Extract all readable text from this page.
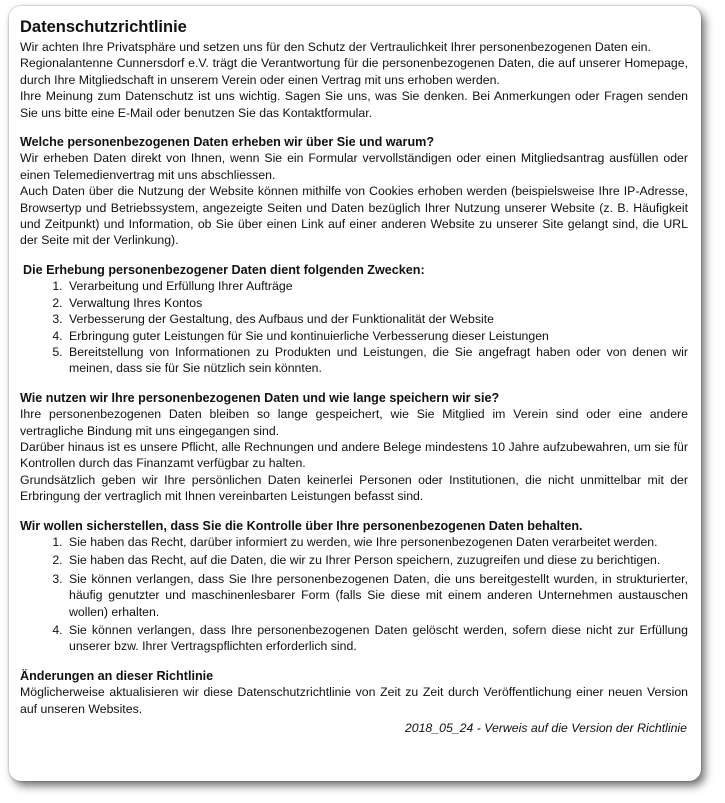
Datenschutzrichtlinie

Wir achten Ihre Privatsphäre und setzen uns für den Schutz der Vertraulichkeit Ihrer personenbezogenen Daten ein.

Regionalantenne Cunnersdorf e.V. trägt die Verantwortung für die personenbezogenen Daten, die auf unserer Homepage, durch Ihre Mitgliedschaft in unserem Verein oder einen Vertrag mit uns erhoben werden.

Ihre Meinung zum Datenschutz ist uns wichtig. Sagen Sie uns, was Sie denken. Bei Anmerkungen oder Fragen senden Sie uns bitte eine E-Mail oder benutzen Sie das Kontaktformular.

Welche personenbezogenen Daten erheben wir über Sie und warum?

Wir erheben Daten direkt von Ihnen, wenn Sie ein Formular vervollständigen oder einen Mitgliedsantrag ausfüllen oder einen Telemedienvertrag mit uns abschliessen.

Auch Daten über die Nutzung der Website können mithilfe von Cookies erhoben werden (beispielsweise Ihre IP-Adresse, Browsertyp und Betriebssystem, angezeigte Seiten und Daten bezüglich Ihrer Nutzung unserer Website (z. B. Häufigkeit und Zeitpunkt) und Information, ob Sie über einen Link auf einer anderen Website zu unserer Site gelangt sind, die URL der Seite mit der Verlinkung).

Die Erhebung personenbezogener Daten dient folgenden Zwecken:
1. Verarbeitung und Erfüllung Ihrer Aufträge
2. Verwaltung Ihres Kontos
3. Verbesserung der Gestaltung, des Aufbaus und der Funktionalität der Website
4. Erbringung guter Leistungen für Sie und kontinuierliche Verbesserung dieser Leistungen
5. Bereitstellung von Informationen zu Produkten und Leistungen, die Sie angefragt haben oder von denen wir meinen, dass sie für Sie nützlich sein könnten.
Wie nutzen wir Ihre personenbezogenen Daten und wie lange speichern wir sie?

Ihre personenbezogenen Daten bleiben so lange gespeichert, wie Sie Mitglied im Verein sind oder eine andere vertragliche Bindung mit uns eingegangen sind.

Darüber hinaus ist es unsere Pflicht, alle Rechnungen und andere Belege mindestens 10 Jahre aufzubewahren, um sie für Kontrollen durch das Finanzamt verfügbar zu halten.

Grundsätzlich geben wir Ihre persönlichen Daten keinerlei Personen oder Institutionen, die nicht unmittelbar mit der Erbringung der vertraglich mit Ihnen vereinbarten Leistungen befasst sind.

Wir wollen sicherstellen, dass Sie die Kontrolle über Ihre personenbezogenen Daten behalten.
1. Sie haben das Recht, darüber informiert zu werden, wie Ihre personenbezogenen Daten verarbeitet werden.
2. Sie haben das Recht, auf die Daten, die wir zu Ihrer Person speichern, zuzugreifen und diese zu berichtigen.
3. Sie können verlangen, dass Sie Ihre personenbezogenen Daten, die uns bereitgestellt wurden, in strukturierter, häufig genutzter und maschinenlesbarer Form (falls Sie diese mit einem anderen Unternehmen austauschen wollen) erhalten.
4. Sie können verlangen, dass Ihre personenbezogenen Daten gelöscht werden, sofern diese nicht zur Erfüllung unserer bzw. Ihrer Vertragspflichten erforderlich sind.
Änderungen an dieser Richtlinie

Möglicherweise aktualisieren wir diese Datenschutzrichtlinie von Zeit zu Zeit durch Veröffentlichung einer neuen Version auf unseren Websites.

2018_05_24 - Verweis auf die Version der Richtlinie
